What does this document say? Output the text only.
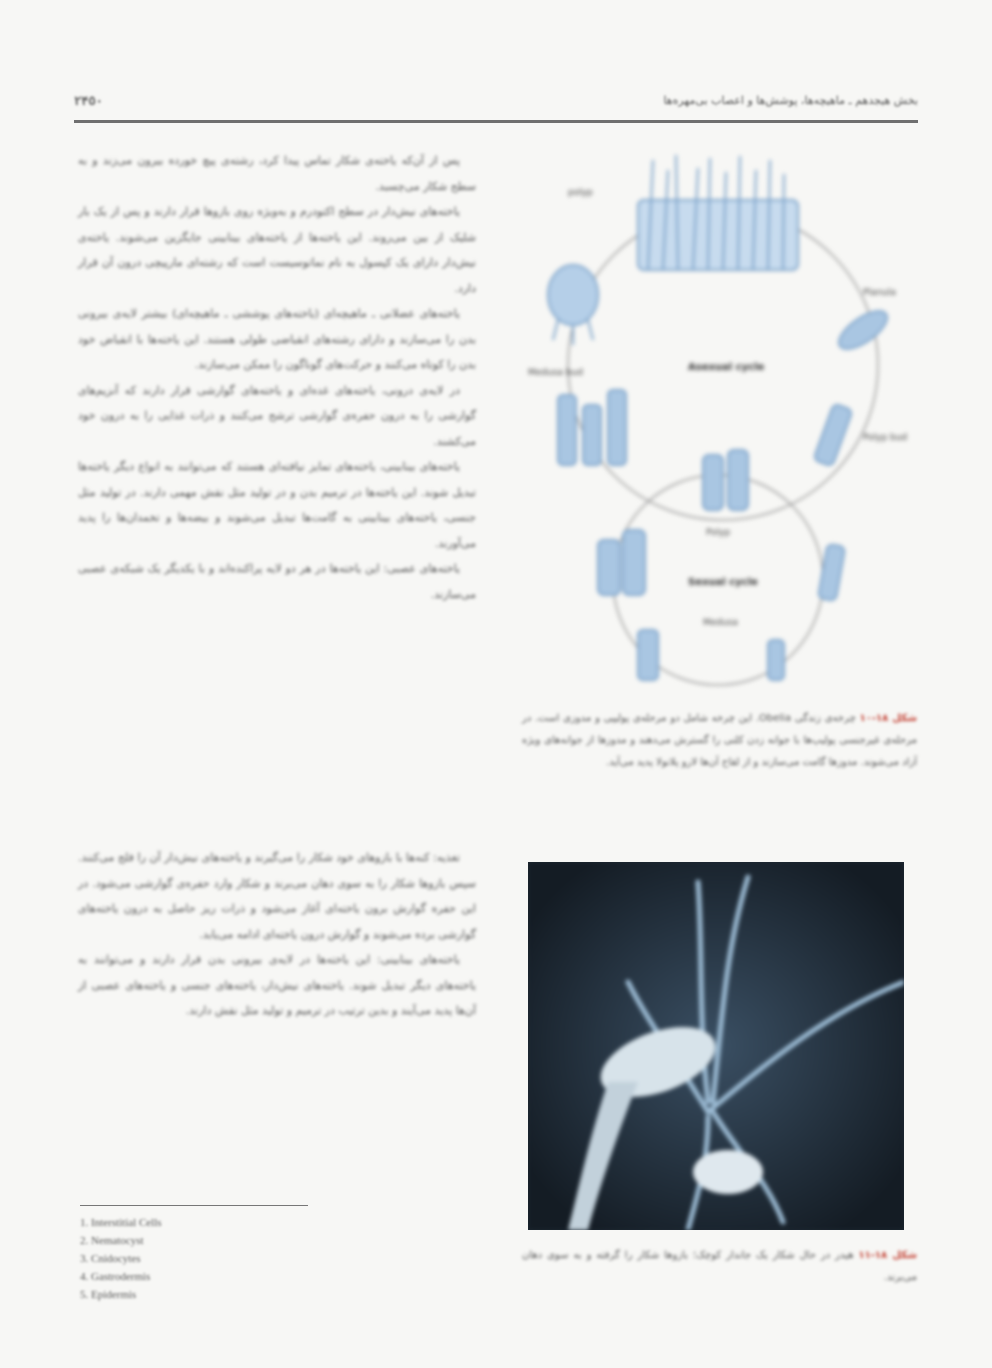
٢۴٥٠	بخش هیجدهم ـ ماهیچه‌ها، پوشش‌ها و اعصاب بی‌مهره‌ها

پس از آن‌که یاخته‌ی شکار تماس پیدا کرد، رشته‌ی پیچ خورده بیرون می‌زند و به سطح شکار می‌چسبد.

یاخته‌های نیش‌دار در سطح اکتودرم و به‌ویژه روی بازوها قرار دارند و پس از یک بار شلیک از بین می‌روند. این یاخته‌ها از یاخته‌های بینابینی جایگزین می‌شوند. یاخته‌ی نیش‌دار دارای یک کپسول به نام نماتوسیست است که رشته‌ای مارپیچی درون آن قرار دارد.

یاخته‌های عضلانی ـ ماهیچه‌ای (یاخته‌های پوششی ـ ماهیچه‌ای) بیشتر لایه‌ی بیرونی بدن را می‌سازند و دارای رشته‌های انقباضی طولی هستند. این یاخته‌ها با انقباض خود بدن را کوتاه می‌کنند و حرکت‌های گوناگون را ممکن می‌سازند.

در لایه‌ی درونی، یاخته‌های غده‌ای و یاخته‌های گوارشی قرار دارند که آنزیم‌های گوارشی را به درون حفره‌ی گوارشی ترشح می‌کنند و ذرات غذایی را به درون خود می‌کشند.

یاخته‌های بینابینی، یاخته‌های تمایز نیافته‌ای هستند که می‌توانند به انواع دیگر یاخته‌ها تبدیل شوند. این یاخته‌ها در ترمیم بدن و در تولید مثل نقش مهمی دارند. در تولید مثل جنسی، یاخته‌های بینابینی به گامت‌ها تبدیل می‌شوند و بیضه‌ها و تخمدان‌ها را پدید می‌آورند.

یاخته‌های عصبی: این یاخته‌ها در هر دو لایه پراکنده‌اند و با یکدیگر یک شبکه‌ی عصبی می‌سازند.

تغذیه: کنه‌ها با بازوهای خود شکار را می‌گیرند و یاخته‌های نیش‌دار آن را فلج می‌کنند. سپس بازوها شکار را به سوی دهان می‌برند و شکار وارد حفره‌ی گوارشی می‌شود. در این حفره گوارش برون یاخته‌ای آغاز می‌شود و ذرات ریز حاصل به درون یاخته‌های گوارشی برده می‌شوند و گوارش درون یاخته‌ای ادامه می‌یابد.

یاخته‌های بینابینی: این یاخته‌ها در لایه‌ی بیرونی بدن قرار دارند و می‌توانند به یاخته‌های دیگر تبدیل شوند. یاخته‌های نیش‌دار، یاخته‌های جنسی و یاخته‌های عصبی از آن‌ها پدید می‌آیند و بدین ترتیب در ترمیم و تولید مثل نقش دارند.

1. Interstitial Cells
2. Nematocyst
3. Cnidocytes
4. Gastrodermis
5. Epidermis
polyp
Planula
Polyp bud
Medusa bud	Asexual cycle
Polyp
Sexual cycle
Medusa
شکل ۱۸-۱۰ چرخه‌ی زندگی Obelia. این چرخه شامل دو مرحله‌ی پولیپی و مدوزی است. در مرحله‌ی غیرجنسی پولیپ‌ها با جوانه زدن کلنی را گسترش می‌دهند و مدوزها از جوانه‌های ویژه آزاد می‌شوند. مدوزها گامت می‌سازند و از لقاح آن‌ها لارو پلانولا پدید می‌آید.
شکل ۱۸-۱۱ هیدر در حال شکار یک جاندار کوچک؛ بازوها شکار را گرفته و به سوی دهان می‌برند.
